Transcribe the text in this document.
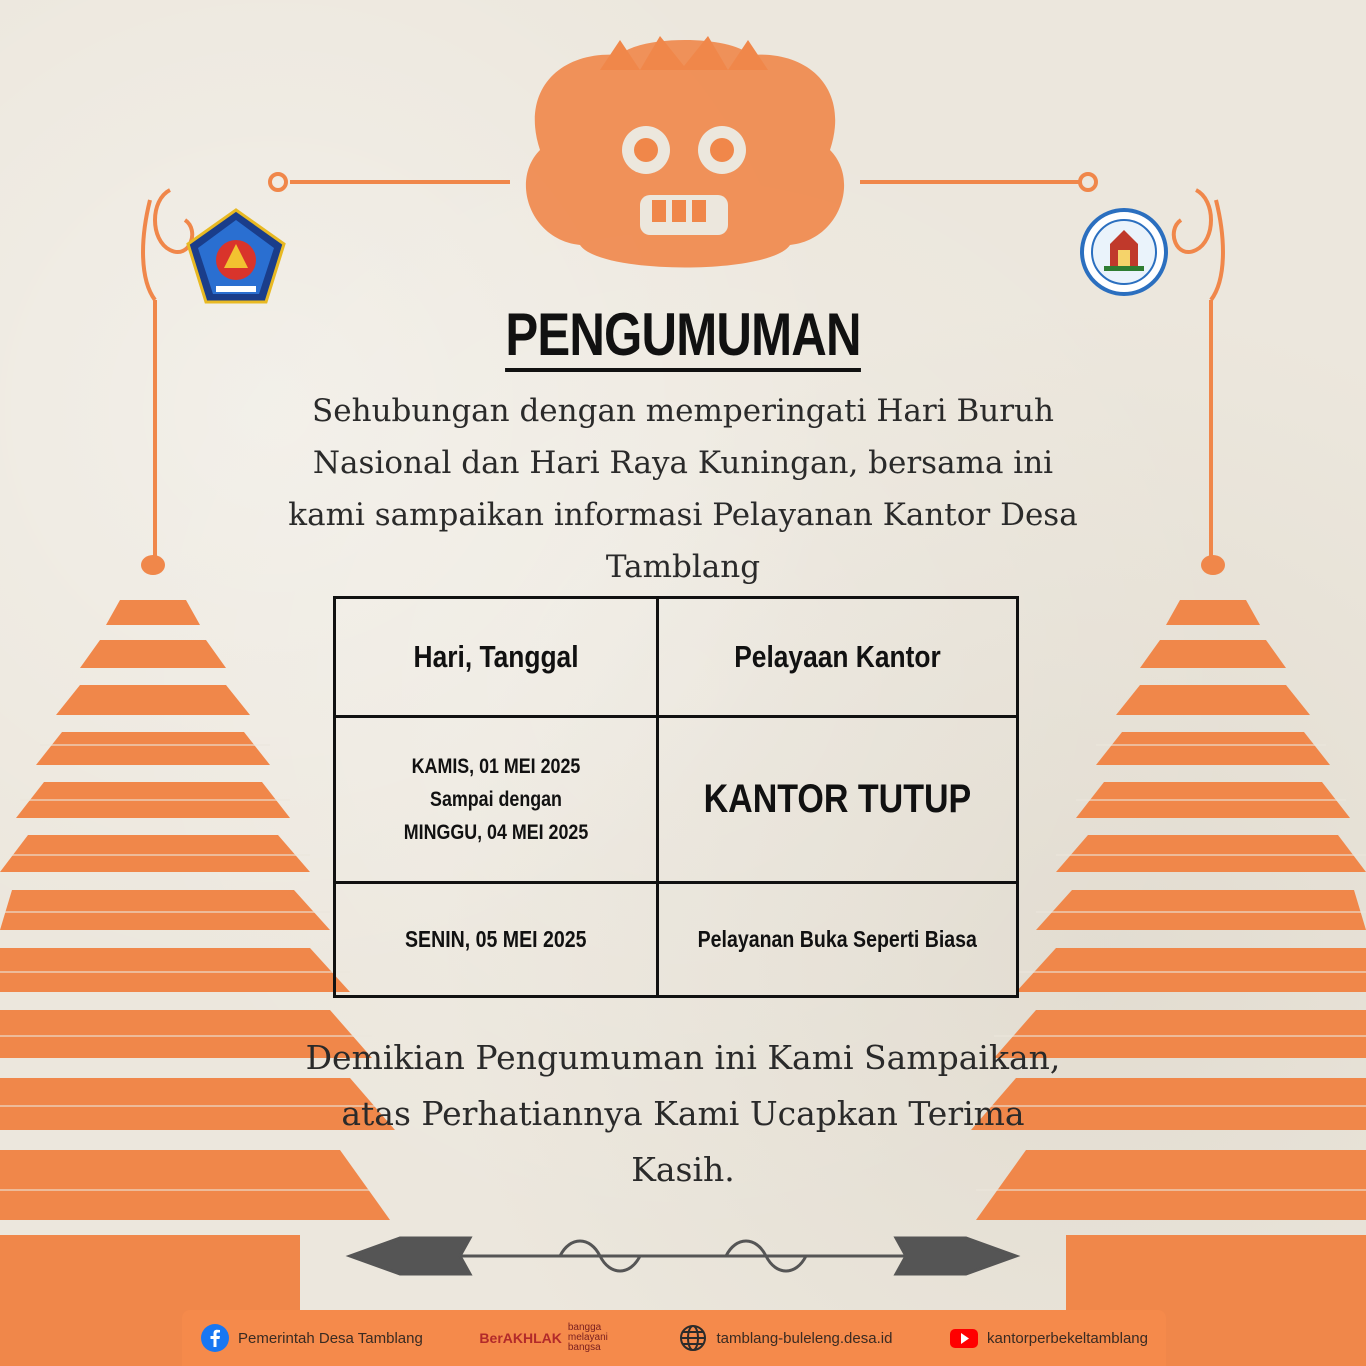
PENGUMUMAN
Sehubungan dengan memperingati Hari Buruh Nasional dan Hari Raya Kuningan, bersama ini kami sampaikan informasi Pelayanan Kantor Desa Tamblang
Hari, Tanggal	Pelayaan Kantor

KAMIS, 01 MEI 2025
Sampai dengan
MINGGU, 04 MEI 2025	KANTOR TUTUP
SENIN, 05 MEI 2025	Pelayanan Buka Seperti Biasa
Demikian Pengumuman ini Kami Sampaikan, atas Perhatiannya Kami Ucapkan Terima Kasih.
Pemerintah Desa Tamblang	BerAKHLAK
bangga melayani bangsa
tamblang-buleleng.desa.id	kantorperbekeltamblang
